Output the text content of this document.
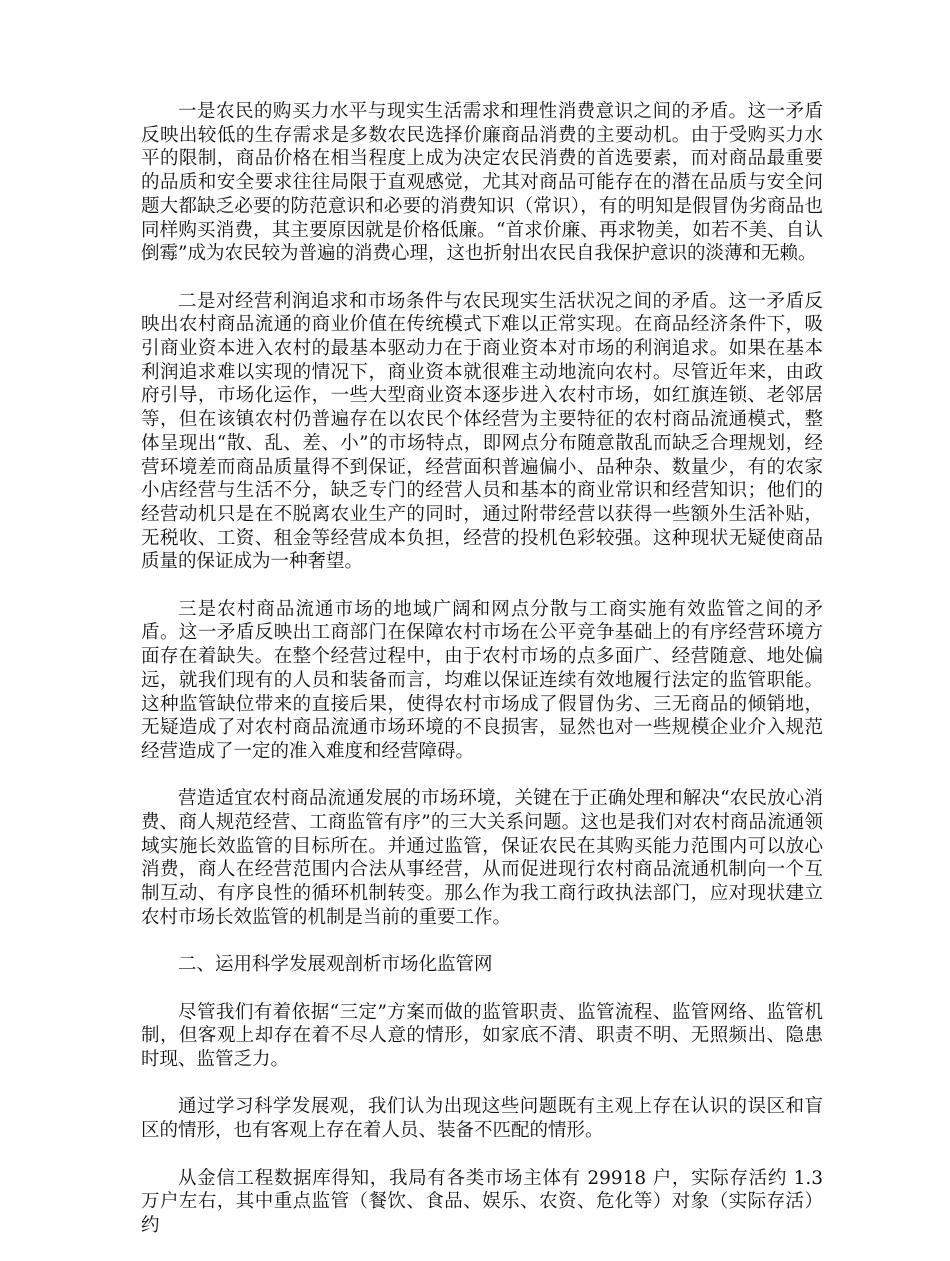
一是农民的购买力水平与现实生活需求和理性消费意识之间的矛盾。这一矛盾反映出较低的生存需求是多数农民选择价廉商品消费的主要动机。由于受购买力水平的限制，商品价格在相当程度上成为决定农民消费的首选要素，而对商品最重要的品质和安全要求往往局限于直观感觉，尤其对商品可能存在的潜在品质与安全问题大都缺乏必要的防范意识和必要的消费知识（常识），有的明知是假冒伪劣商品也同样购买消费，其主要原因就是价格低廉。“首求价廉、再求物美，如若不美、自认倒霉”成为农民较为普遍的消费心理，这也折射出农民自我保护意识的淡薄和无赖。

二是对经营利润追求和市场条件与农民现实生活状况之间的矛盾。这一矛盾反映出农村商品流通的商业价值在传统模式下难以正常实现。在商品经济条件下，吸引商业资本进入农村的最基本驱动力在于商业资本对市场的利润追求。如果在基本利润追求难以实现的情况下，商业资本就很难主动地流向农村。尽管近年来，由政府引导，市场化运作，一些大型商业资本逐步进入农村市场，如红旗连锁、老邻居等，但在该镇农村仍普遍存在以农民个体经营为主要特征的农村商品流通模式，整体呈现出“散、乱、差、小”的市场特点，即网点分布随意散乱而缺乏合理规划，经营环境差而商品质量得不到保证，经营面积普遍偏小、品种杂、数量少，有的农家小店经营与生活不分，缺乏专门的经营人员和基本的商业常识和经营知识；他们的经营动机只是在不脱离农业生产的同时，通过附带经营以获得一些额外生活补贴，无税收、工资、租金等经营成本负担，经营的投机色彩较强。这种现状无疑使商品质量的保证成为一种奢望。

三是农村商品流通市场的地域广阔和网点分散与工商实施有效监管之间的矛盾。这一矛盾反映出工商部门在保障农村市场在公平竞争基础上的有序经营环境方面存在着缺失。在整个经营过程中，由于农村市场的点多面广、经营随意、地处偏远，就我们现有的人员和装备而言，均难以保证连续有效地履行法定的监管职能。这种监管缺位带来的直接后果，使得农村市场成了假冒伪劣、三无商品的倾销地，无疑造成了对农村商品流通市场环境的不良损害，显然也对一些规模企业介入规范经营造成了一定的准入难度和经营障碍。

营造适宜农村商品流通发展的市场环境，关键在于正确处理和解决“农民放心消费、商人规范经营、工商监管有序”的三大关系问题。这也是我们对农村商品流通领域实施长效监管的目标所在。并通过监管，保证农民在其购买能力范围内可以放心消费，商人在经营范围内合法从事经营，从而促进现行农村商品流通机制向一个互制互动、有序良性的循环机制转变。那么作为我工商行政执法部门，应对现状建立农村市场长效监管的机制是当前的重要工作。

二、运用科学发展观剖析市场化监管网

尽管我们有着依据“三定”方案而做的监管职责、监管流程、监管网络、监管机制，但客观上却存在着不尽人意的情形，如家底不清、职责不明、无照频出、隐患时现、监管乏力。

通过学习科学发展观，我们认为出现这些问题既有主观上存在认识的误区和盲区的情形，也有客观上存在着人员、装备不匹配的情形。

从金信工程数据库得知，我局有各类市场主体有 29918 户，实际存活约 1.3 万户左右，其中重点监管（餐饮、食品、娱乐、农资、危化等）对象（实际存活）约
